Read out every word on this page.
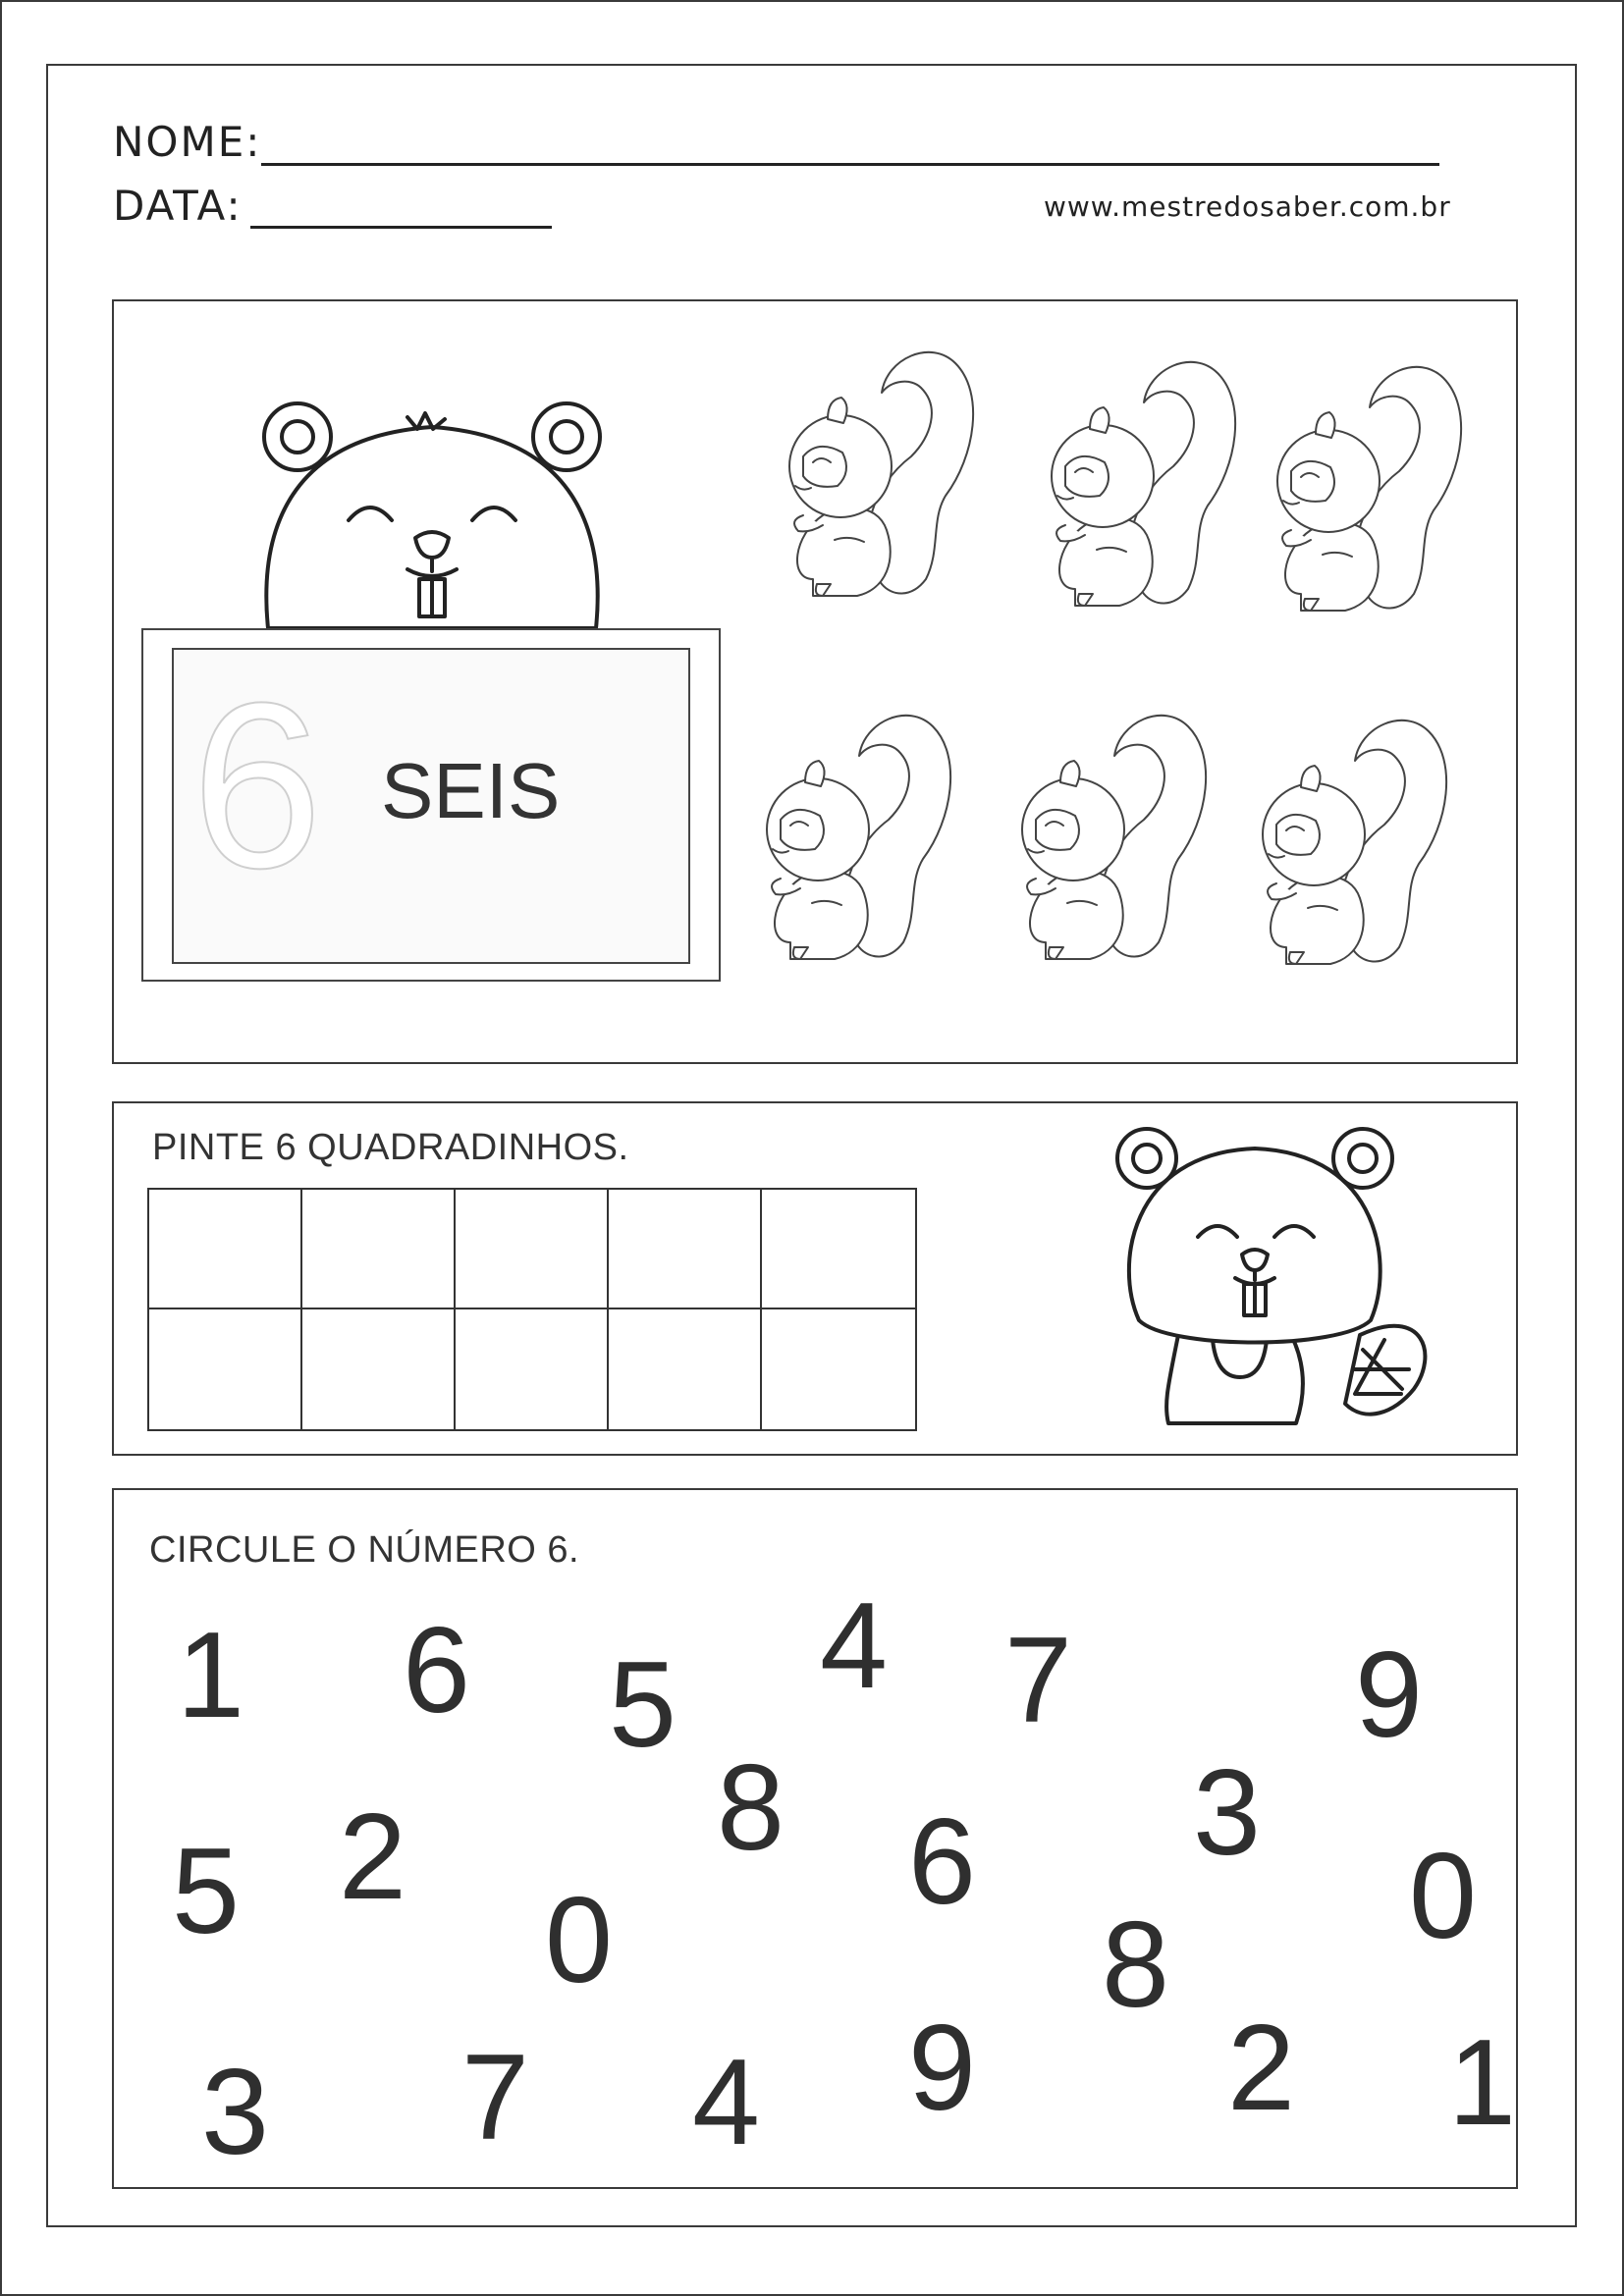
NOME:
DATA:	www.mestredosaber.com.br
6 SEIS
PINTE 6 QUADRADINHOS.
CIRCULE O NÚMERO 6.
1 6 5 4 7 9
5 2	8
0
6 3
8
0
3 7 4 9 2 1
